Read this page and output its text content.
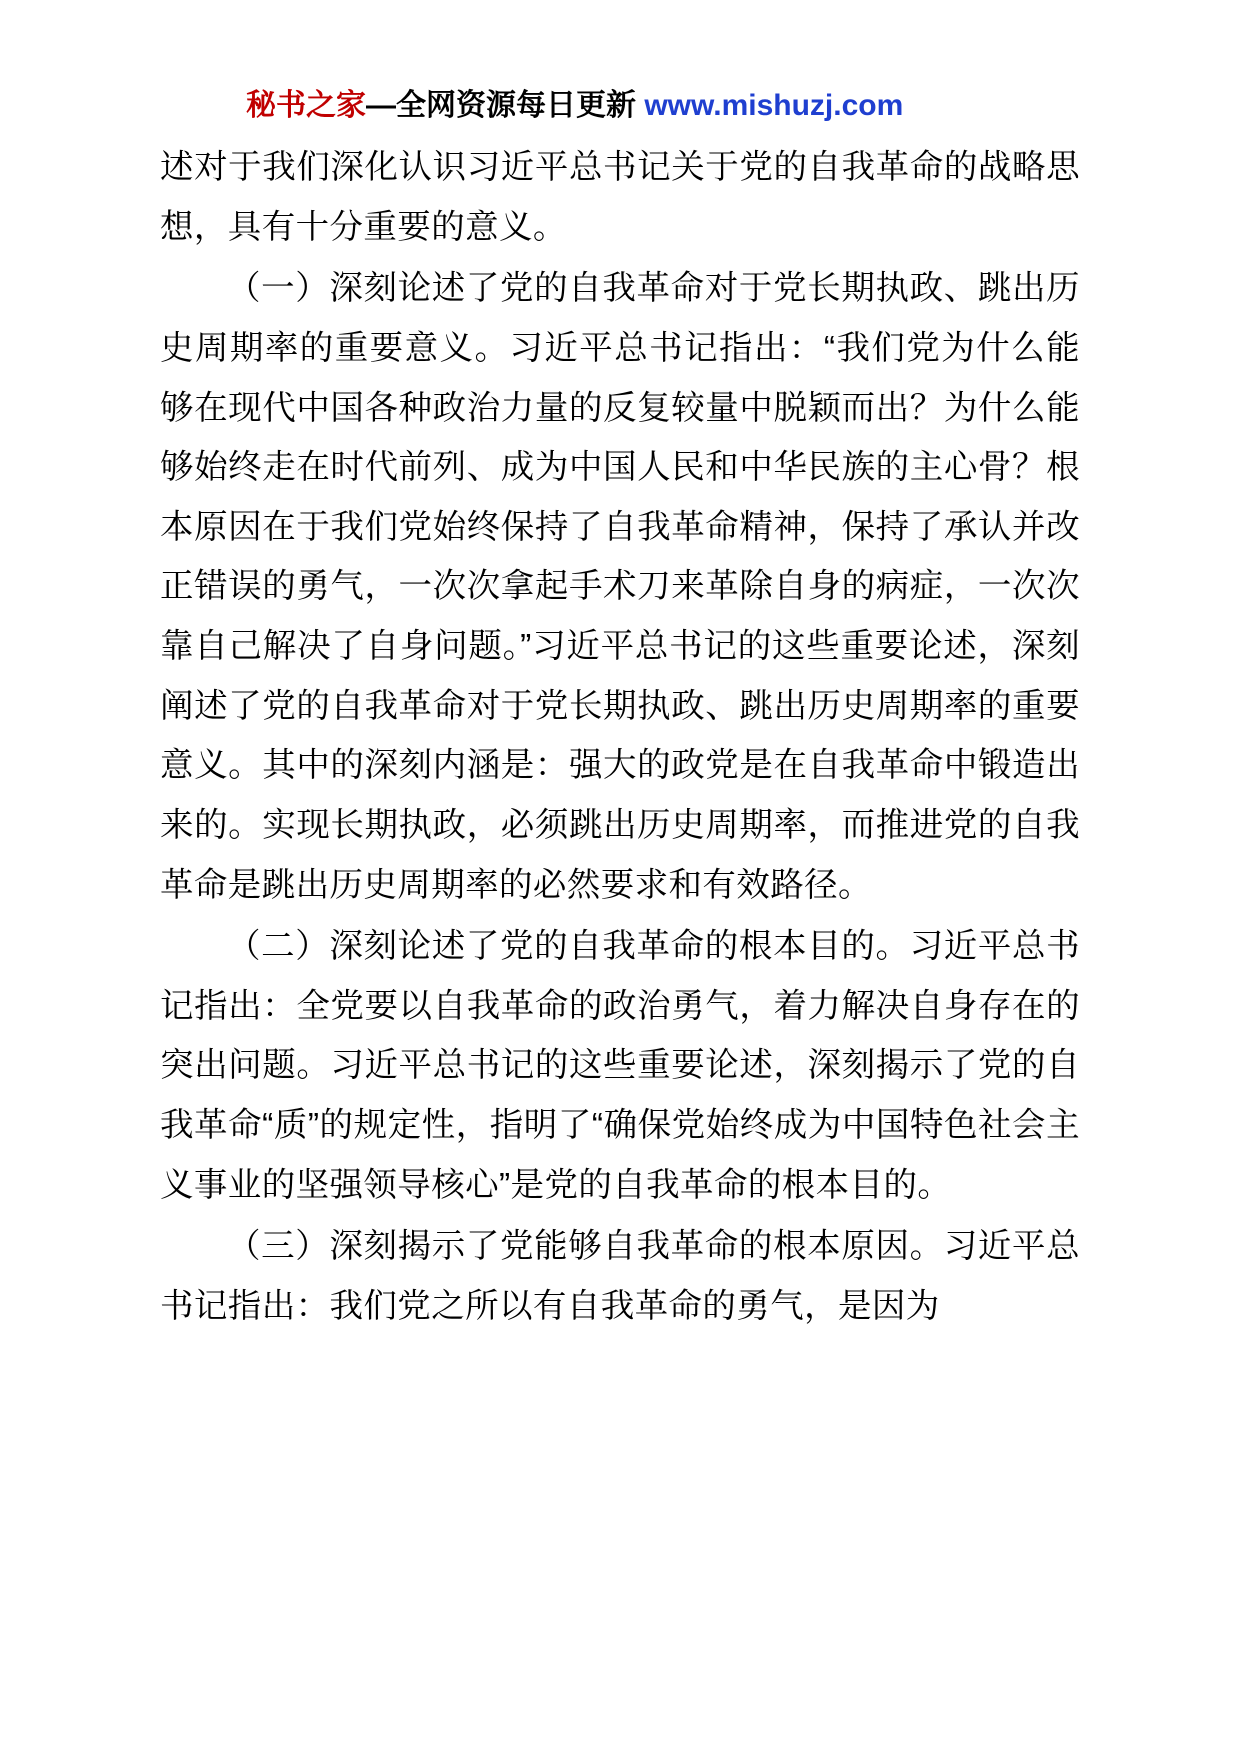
秘书之家—全网资源每日更新 www.mishuzj.com

述对于我们深化认识习近平总书记关于党的自我革命的战略思想，具有十分重要的意义。

（一）深刻论述了党的自我革命对于党长期执政、跳出历史周期率的重要意义。习近平总书记指出：“我们党为什么能够在现代中国各种政治力量的反复较量中脱颖而出？为什么能够始终走在时代前列、成为中国人民和中华民族的主心骨？根本原因在于我们党始终保持了自我革命精神，保持了承认并改正错误的勇气，一次次拿起手术刀来革除自身的病症，一次次靠自己解决了自身问题。”习近平总书记的这些重要论述，深刻阐述了党的自我革命对于党长期执政、跳出历史周期率的重要意义。其中的深刻内涵是：强大的政党是在自我革命中锻造出来的。实现长期执政，必须跳出历史周期率，而推进党的自我革命是跳出历史周期率的必然要求和有效路径。

（二）深刻论述了党的自我革命的根本目的。习近平总书记指出：全党要以自我革命的政治勇气，着力解决自身存在的突出问题。习近平总书记的这些重要论述，深刻揭示了党的自我革命“质”的规定性，指明了“确保党始终成为中国特色社会主义事业的坚强领导核心”是党的自我革命的根本目的。

（三）深刻揭示了党能够自我革命的根本原因。习近平总书记指出：我们党之所以有自我革命的勇气，是因为
